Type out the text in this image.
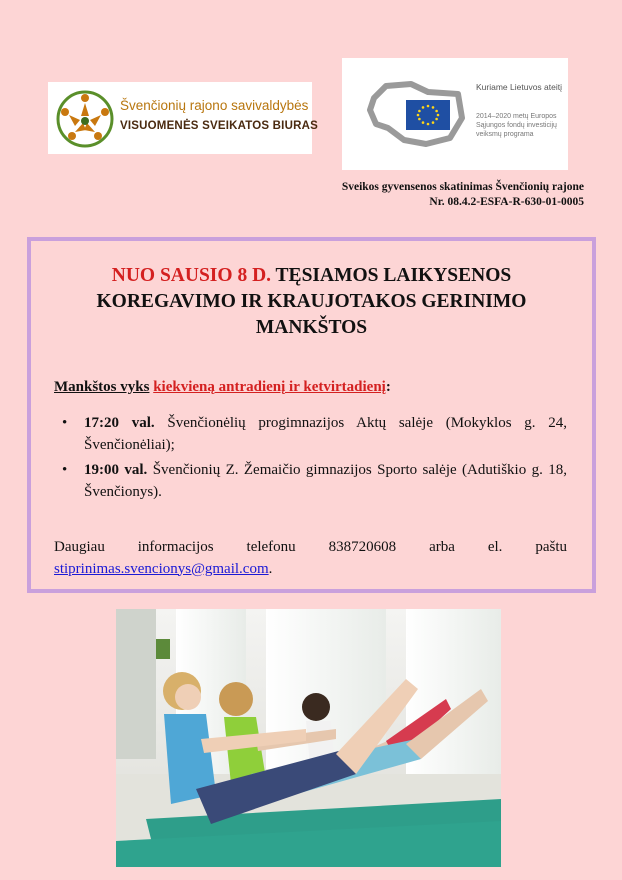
Švenčionių rajono savivaldybės
VISUOMENĖS SVEIKATOS BIURAS
Kuriame Lietuvos ateitį
2014–2020 metų Europos Sąjungos fondų investicijų veiksmų programa
Sveikos gyvensenos skatinimas Švenčionių rajone
Nr. 08.4.2-ESFA-R-630-01-0005
NUO SAUSIO 8 D. TĘSIAMOS LAIKYSENOS
KOREGAVIMO IR KRAUJOTAKOS GERINIMO
MANKŠTOS
Mankštos vyks kiekvieną antradienį ir ketvirtadienį:
• 17:20 val. Švenčionėlių progimnazijos Aktų salėje (Mokyklos g. 24, Švenčionėliai);
• 19:00 val. Švenčionių Z. Žemaičio gimnazijos Sporto salėje (Adutiškio g. 18, Švenčionys).
Daugiau informacijos telefonu 838720608 arba el. paštu
stiprinimas.svencionys@gmail.com.
